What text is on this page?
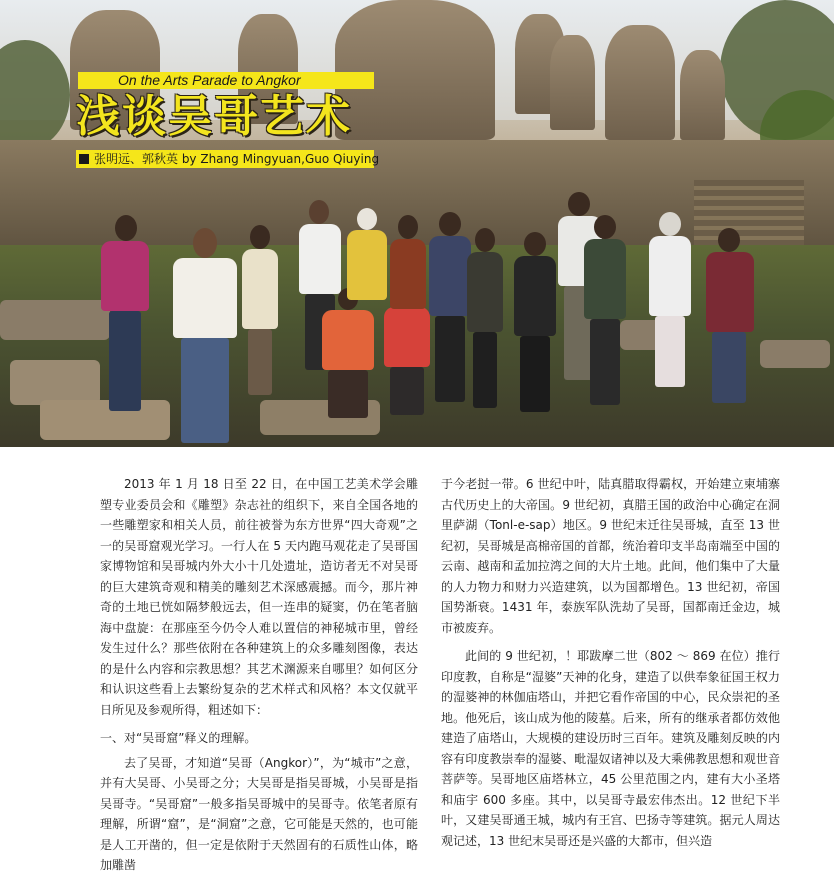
On the Arts Parade to Angkor
浅谈吴哥艺术
张明远、郭秋英 by Zhang Mingyuan,Guo Qiuying

2013 年 1 月 18 日至 22 日，在中国工艺美术学会雕塑专业委员会和《雕塑》杂志社的组织下，来自全国各地的一些雕塑家和相关人员，前往被誉为东方世界“四大奇观”之一的吴哥窟观光学习。一行人在 5 天内跑马观花走了吴哥国家博物馆和吴哥城内外大小十几处遗址，造访者无不对吴哥的巨大建筑奇观和精美的雕刻艺术深感震撼。而今，那片神奇的土地已恍如隔梦般远去，但一连串的疑窦，仍在笔者脑海中盘旋：在那座至今仍令人难以置信的神秘城市里，曾经发生过什么？那些依附在各种建筑上的众多雕刻图像，表达的是什么内容和宗教思想？其艺术渊源来自哪里？如何区分和认识这些看上去繁纷复杂的艺术样式和风格？本文仅就平日所见及参观所得，粗述如下：

一、对“吴哥窟”释义的理解。

去了吴哥，才知道“吴哥（Angkor）”，为“城市”之意，并有大吴哥、小吴哥之分；大吴哥是指吴哥城，小吴哥是指吴哥寺。“吴哥窟”一般多指吴哥城中的吴哥寺。依笔者原有理解，所谓“窟”，是“洞窟”之意，它可能是天然的，也可能是人工开凿的，但一定是依附于天然固有的石质性山体，略加雕凿

于今老挝一带。6 世纪中叶，陆真腊取得霸权，开始建立柬埔寨古代历史上的大帝国。9 世纪初，真腊王国的政治中心确定在洞里萨湖（Tonl-e-sap）地区。9 世纪末迁往吴哥城，直至 13 世纪初，吴哥城是高棉帝国的首都，统治着印支半岛南端至中国的云南、越南和孟加拉湾之间的大片土地。此间，他们集中了大量的人力物力和财力兴造建筑，以为国都增色。13 世纪初，帝国国势渐衰。1431 年，泰族军队洗劫了吴哥，国都南迁金边，城市被废弃。

此间的 9 世纪初，！耶跋摩二世（802 ～ 869 在位）推行印度教，自称是“湿婆”天神的化身，建造了以供奉象征国王权力的湿婆神的林伽庙塔山，并把它看作帝国的中心，民众崇祀的圣地。他死后，该山成为他的陵墓。后来，所有的继承者都仿效他建造了庙塔山，大规模的建设历时三百年。建筑及雕刻反映的内容有印度教崇奉的湿婆、毗湿奴诸神以及大乘佛教思想和观世音菩萨等。吴哥地区庙塔林立，45 公里范围之内，建有大小圣塔和庙宇 600 多座。其中，以吴哥寺最宏伟杰出。12 世纪下半叶，又建吴哥通王城，城内有王宫、巴扬寺等建筑。据元人周达观记述，13 世纪末吴哥还是兴盛的大都市，但兴造
